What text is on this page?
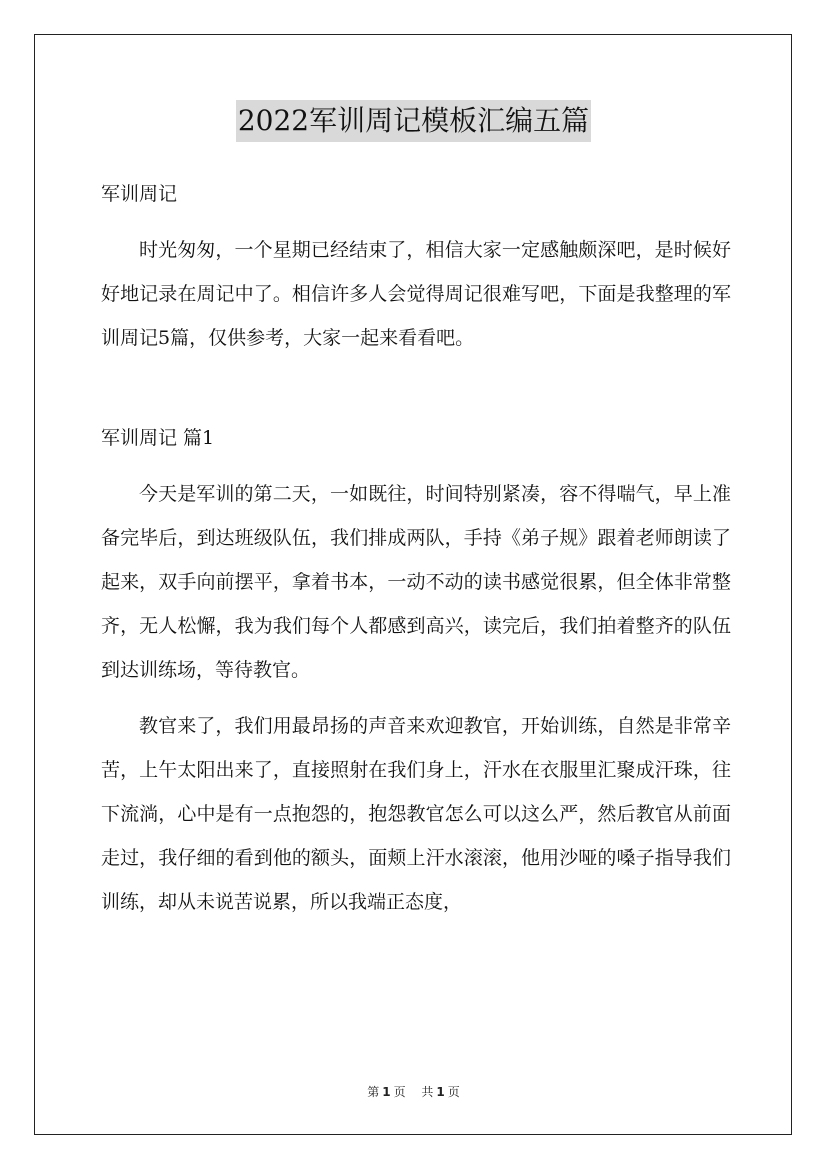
2022军训周记模板汇编五篇

军训周记

时光匆匆，一个星期已经结束了，相信大家一定感触颇深吧，是时候好好地记录在周记中了。相信许多人会觉得周记很难写吧，下面是我整理的军训周记5篇，仅供参考，大家一起来看看吧。

军训周记 篇1

今天是军训的第二天，一如既往，时间特别紧凑，容不得喘气，早上准备完毕后，到达班级队伍，我们排成两队，手持《弟子规》跟着老师朗读了起来，双手向前摆平，拿着书本，一动不动的读书感觉很累，但全体非常整齐，无人松懈，我为我们每个人都感到高兴，读完后，我们拍着整齐的队伍到达训练场，等待教官。

教官来了，我们用最昂扬的声音来欢迎教官，开始训练，自然是非常辛苦，上午太阳出来了，直接照射在我们身上，汗水在衣服里汇聚成汗珠，往下流淌，心中是有一点抱怨的，抱怨教官怎么可以这么严，然后教官从前面走过，我仔细的看到他的额头，面颊上汗水滚滚，他用沙哑的嗓子指导我们训练，却从未说苦说累，所以我端正态度，

第 1 页 共 1 页
